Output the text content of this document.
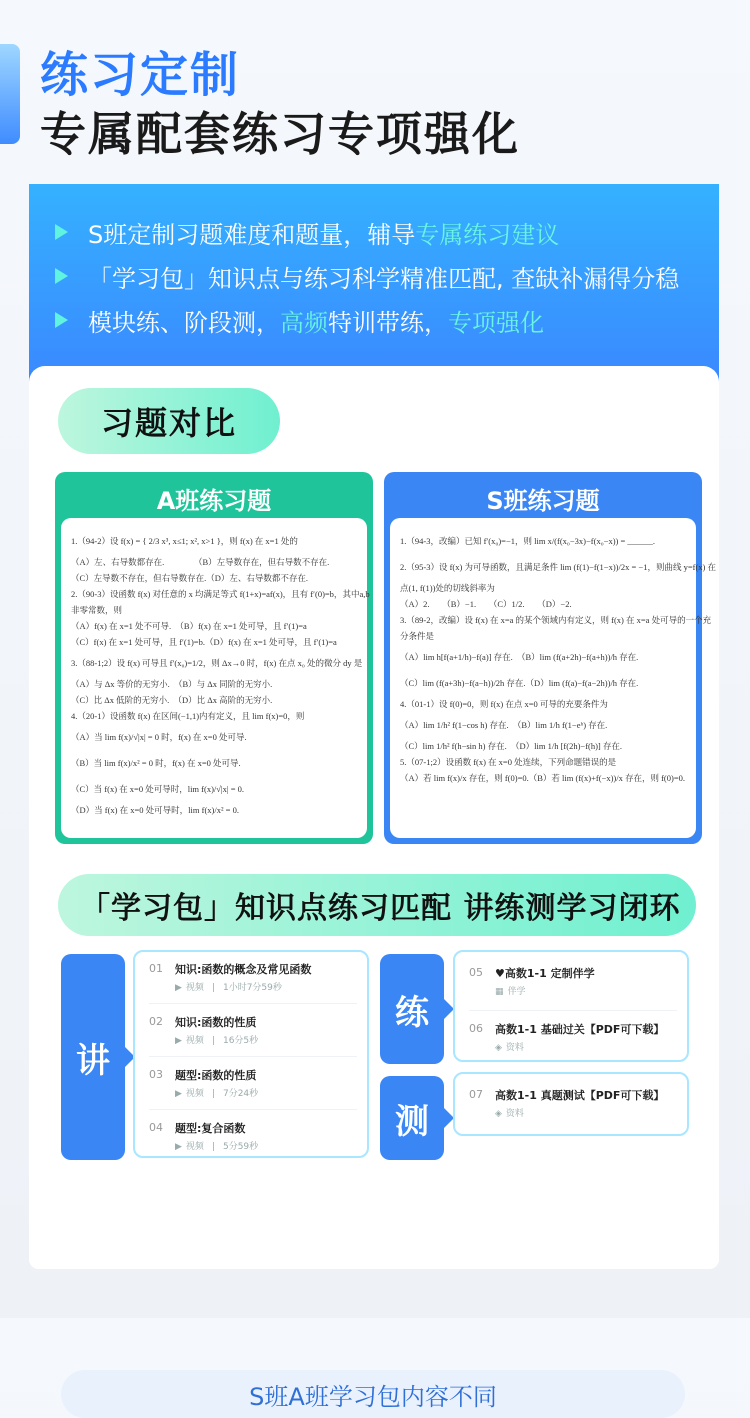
练习定制
专属配套练习专项强化
S班定制习题难度和题量，辅导 专属练习建议
「学习包」知识点与练习科学精准匹配, 查缺补漏得分稳
模块练、阶段测， 高频 特训带练， 专项强化
习题对比
A班练习题
1.（94-2）设 f(x) = { 2/3 x³, x≤1; x², x>1 }，则 f(x) 在 x=1 处的
（A）左、右导数都存在.　　　　（B）左导数存在，但右导数不存在.
（C）左导数不存在，但右导数存在.（D）左、右导数都不存在.
2.（90-3）设函数 f(x) 对任意的 x 均满足等式 f(1+x)=af(x)，且有 f′(0)=b，其中a,b
非零常数，则
（A）f(x) 在 x=1 处不可导.　（B）f(x) 在 x=1 处可导，且 f′(1)=a
（C）f(x) 在 x=1 处可导，且 f′(1)=b.（D）f(x) 在 x=1 处可导，且 f′(1)=a
3.（88-1;2）设 f(x) 可导且 f′(x₀)=1/2，则 Δx→0 时，f(x) 在点 x₀ 处的微分 dy 是
（A）与 Δx 等价的无穷小.　（B）与 Δx 同阶的无穷小.
（C）比 Δx 低阶的无穷小.　（D）比 Δx 高阶的无穷小.
4.（20-1）设函数 f(x) 在区间(−1,1)内有定义，且 lim f(x)=0，则
（A）当 lim f(x)/√|x| = 0 时，f(x) 在 x=0 处可导.
（B）当 lim f(x)/x² = 0 时，f(x) 在 x=0 处可导.
（C）当 f(x) 在 x=0 处可导时，lim f(x)/√|x| = 0.
（D）当 f(x) 在 x=0 处可导时，lim f(x)/x² = 0.
S班练习题
1.（94-3，改编）已知 f′(x₀)=−1，则 lim x/(f(x₀−3x)−f(x₀−x)) = ______.
2.（95-3）设 f(x) 为可导函数，且满足条件 lim (f(1)−f(1−x))/2x = −1，则曲线 y=f(x) 在
点(1, f(1))处的切线斜率为
（A）2.　　（B）−1.　　（C）1/2.　　（D）−2.
3.（89-2，改编）设 f(x) 在 x=a 的某个领域内有定义，则 f(x) 在 x=a 处可导的一个充
分条件是
（A）lim h[f(a+1/h)−f(a)] 存在.　（B）lim (f(a+2h)−f(a+h))/h 存在.
（C）lim (f(a+3h)−f(a−h))/2h 存在.（D）lim (f(a)−f(a−2h))/h 存在.
4.（01-1）设 f(0)=0，则 f(x) 在点 x=0 可导的充要条件为
（A）lim 1/h² f(1−cos h) 存在.　（B）lim 1/h f(1−eʰ) 存在.
（C）lim 1/h² f(h−sin h) 存在.　（D）lim 1/h [f(2h)−f(h)] 存在.
5.（07-1;2）设函数 f(x) 在 x=0 处连续，下列命题错误的是
（A）若 lim f(x)/x 存在，则 f(0)=0.（B）若 lim (f(x)+f(−x))/x 存在，则 f(0)=0.
「学习包」知识点练习匹配 讲练测学习闭环
讲
练
测
01 知识:函数的概念及常见函数
▶ 视频 | 1小时7分59秒
02 知识:函数的性质
▶ 视频 | 16分5秒
03 题型:函数的性质
▶ 视频 | 7分24秒
04 题型:复合函数
▶ 视频 | 5分59秒
05 ♥高数1-1 定制伴学
▦ 伴学
06 高数1-1 基础过关【PDF可下载】
◈ 资料
07 高数1-1 真题测试【PDF可下载】
◈ 资料
S班A班学习包内容不同
